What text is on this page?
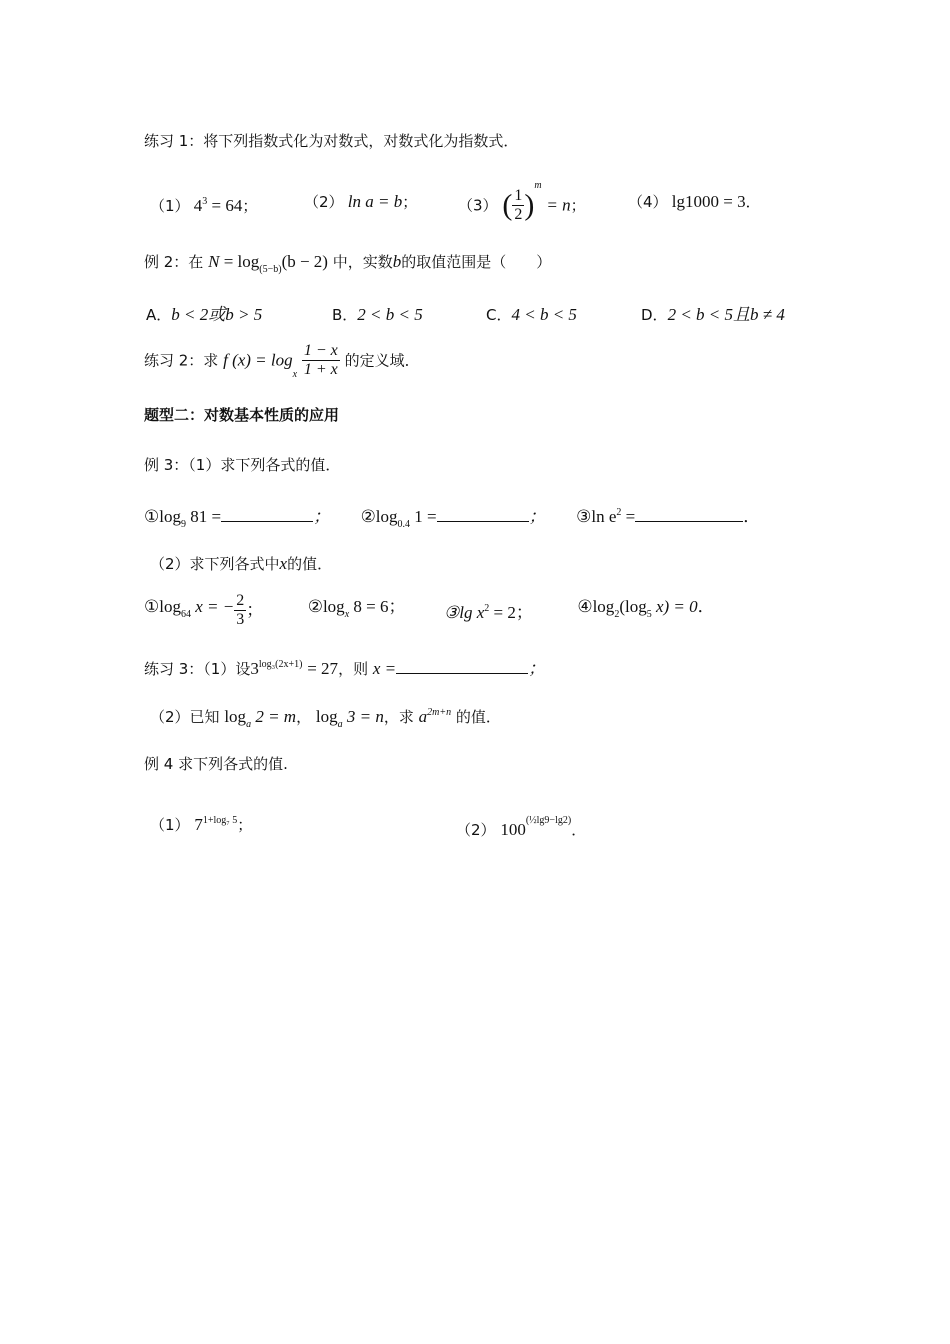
练习 1：将下列指数式化为对数式，对数式化为指数式．
（1） $4^3 = 64$；	（2） ln a = b；	（3） ( $\frac{1}{2} )^m = n$；	（4） lg1000 = 3．
例 2：在 $N = \log_{(5-b)}(b - 2)$ 中，实数b的取值范围是（　　）
A．b < 2或b > 5	B．2 < b < 5	C．4 < b < 5	D．2 < b < 5且b ≠ 4
练习 2：求 f $(x) = \log_x \frac{1 - x}{1 + x}$ 的定义域．
题型二：对数基本性质的应用
例 3：（1）求下列各式的值．
$①\log_9$ 81 =	； $②\log_{0.4}$ 1 =	； ③ln $e^2$ =	．
（2）求下列各式中x的值．
$①\log_{64}$ x = − $\frac{2}{3}$ ；	$②\log_x$ 8 = 6； ③lg $x^2 = 2$；	$④\log_2(\log_5$ x) = 0．
练习 3：（1）设$3^{log_3(2x+1)} = 27$，则 x =	；
（2）已知 $\log_a 2 = m$， $\log_a 3 = n$，求 $a^{2m+n}$ 的值．
例 4 求下列各式的值.
（1） $7^{1+log_7 5}$；	（2） $100^{(\frac{1}{2}lg9-lg2)}$．
